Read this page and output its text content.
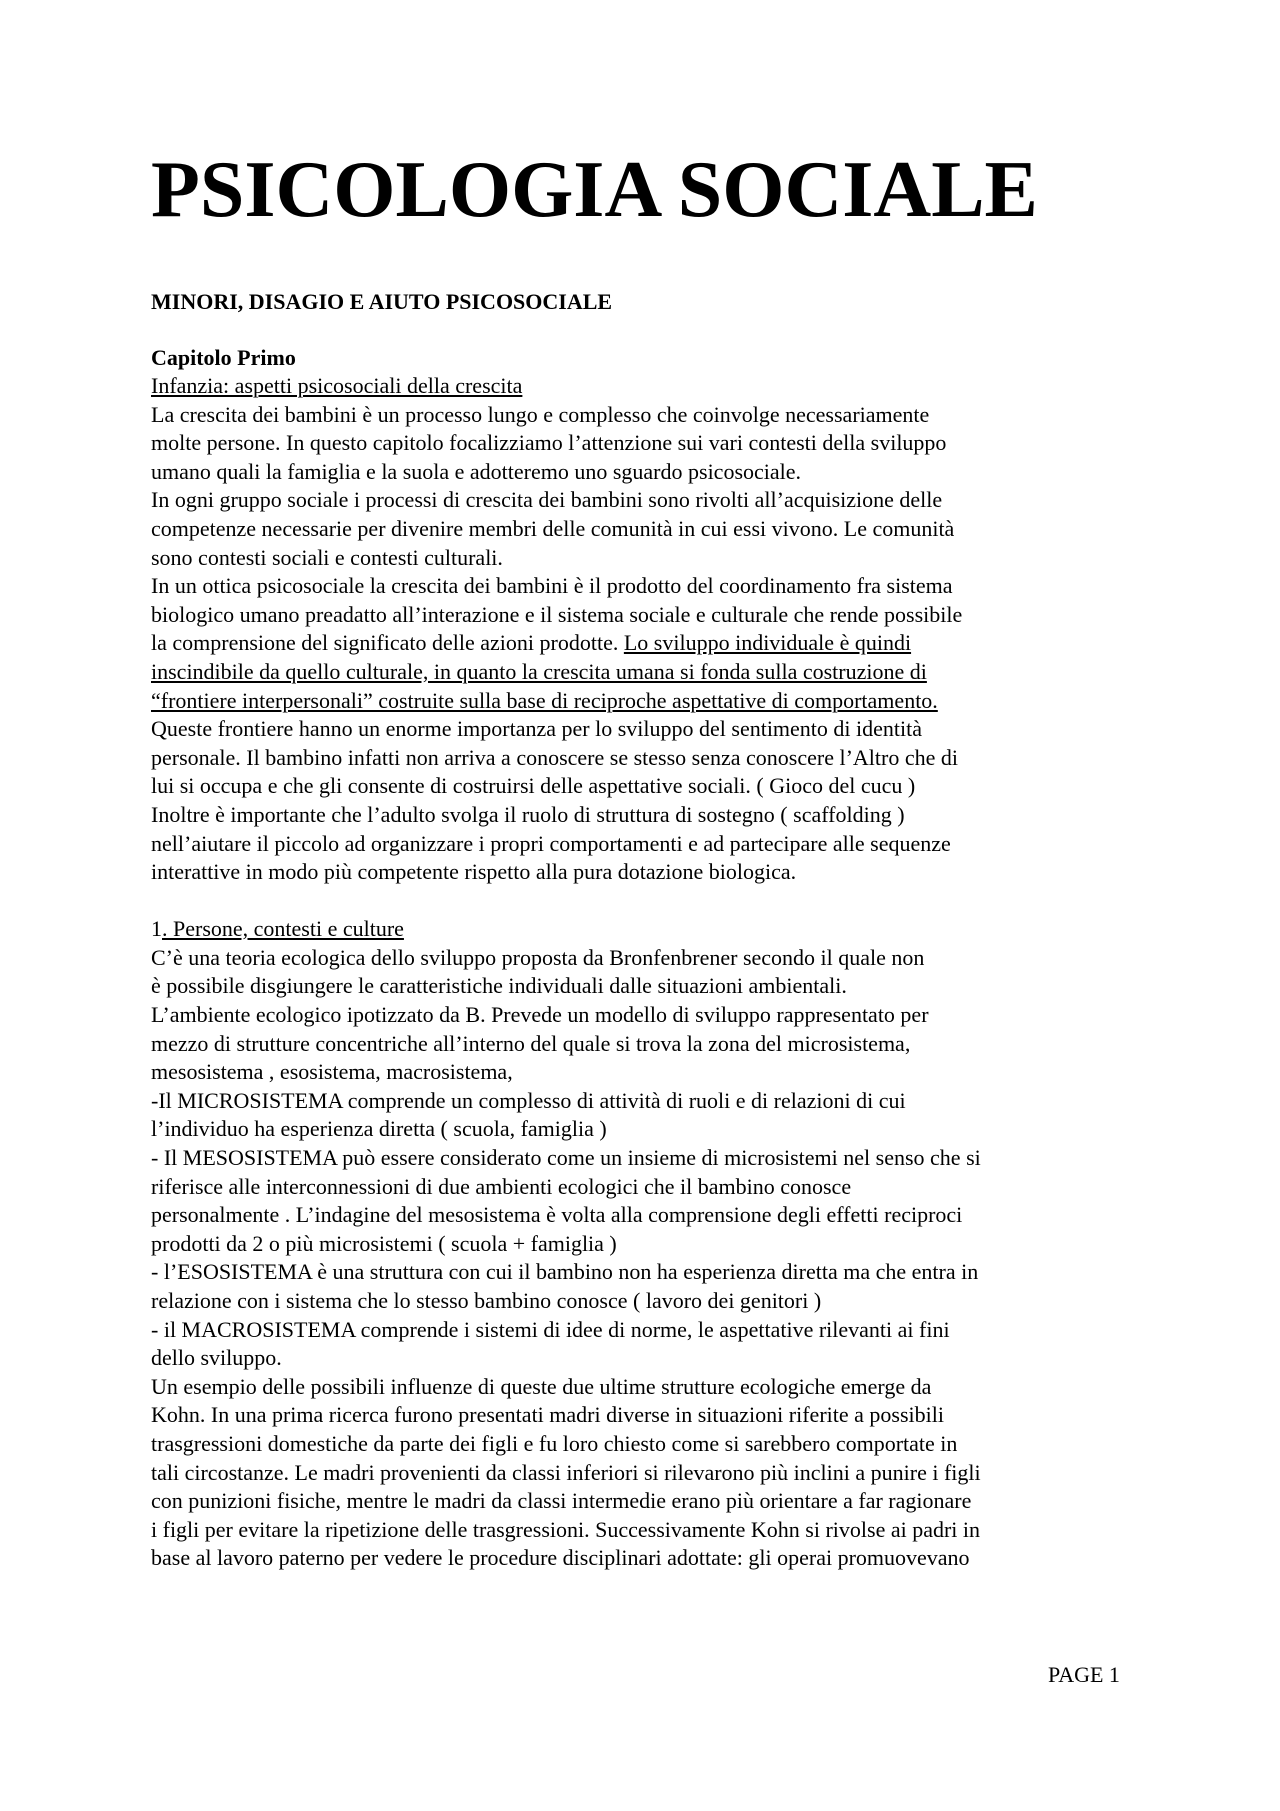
PSICOLOGIA SOCIALE
MINORI, DISAGIO E AIUTO PSICOSOCIALE
Capitolo Primo
Infanzia: aspetti psicosociali della crescita
La crescita dei bambini è un processo lungo e complesso che coinvolge necessariamente
molte persone. In questo capitolo focalizziamo l’attenzione sui vari contesti della sviluppo
umano quali la famiglia e la suola e adotteremo uno sguardo psicosociale.
In ogni gruppo sociale i processi di crescita dei bambini sono rivolti all’acquisizione delle
competenze necessarie per divenire membri delle comunità in cui essi vivono. Le comunità
sono contesti sociali e contesti culturali.
In un ottica psicosociale la crescita dei bambini è il prodotto del coordinamento fra sistema
biologico umano preadatto all’interazione e il sistema sociale e culturale che rende possibile
la comprensione del significato delle azioni prodotte. Lo sviluppo individuale è quindi
inscindibile da quello culturale, in quanto la crescita umana si fonda sulla costruzione di
“frontiere interpersonali” costruite sulla base di reciproche aspettative di comportamento.
Queste frontiere hanno un enorme importanza per lo sviluppo del sentimento di identità
personale. Il bambino infatti non arriva a conoscere se stesso senza conoscere l’Altro che di
lui si occupa e che gli consente di costruirsi delle aspettative sociali. ( Gioco del cucu )
Inoltre è importante che l’adulto svolga il ruolo di struttura di sostegno ( scaffolding )
nell’aiutare il piccolo ad organizzare i propri comportamenti e ad partecipare alle sequenze
interattive in modo più competente rispetto alla pura dotazione biologica.
1. Persone, contesti e culture
C’è una teoria ecologica dello sviluppo proposta da Bronfenbrener secondo il quale non
è possibile disgiungere le caratteristiche individuali dalle situazioni ambientali.
L’ambiente ecologico ipotizzato da B. Prevede un modello di sviluppo rappresentato per
mezzo di strutture concentriche all’interno del quale si trova la zona del microsistema,
mesosistema , esosistema, macrosistema,
-Il MICROSISTEMA comprende un complesso di attività di ruoli e di relazioni di cui
l’individuo ha esperienza diretta ( scuola, famiglia )
- Il MESOSISTEMA può essere considerato come un insieme di microsistemi nel senso che si
riferisce alle interconnessioni di due ambienti ecologici che il bambino conosce
personalmente . L’indagine del mesosistema è volta alla comprensione degli effetti reciproci
prodotti da 2 o più microsistemi ( scuola + famiglia )
- l’ESOSISTEMA è una struttura con cui il bambino non ha esperienza diretta ma che entra in
relazione con i sistema che lo stesso bambino conosce ( lavoro dei genitori )
- il MACROSISTEMA comprende i sistemi di idee di norme, le aspettative rilevanti ai fini
dello sviluppo.
Un esempio delle possibili influenze di queste due ultime strutture ecologiche emerge da
Kohn. In una prima ricerca furono presentati madri diverse in situazioni riferite a possibili
trasgressioni domestiche da parte dei figli e fu loro chiesto come si sarebbero comportate in
tali circostanze. Le madri provenienti da classi inferiori si rilevarono più inclini a punire i figli
con punizioni fisiche, mentre le madri da classi intermedie erano più orientare a far ragionare
i figli per evitare la ripetizione delle trasgressioni. Successivamente Kohn si rivolse ai padri in
base al lavoro paterno per vedere le procedure disciplinari adottate: gli operai promuovevano
PAGE 1
